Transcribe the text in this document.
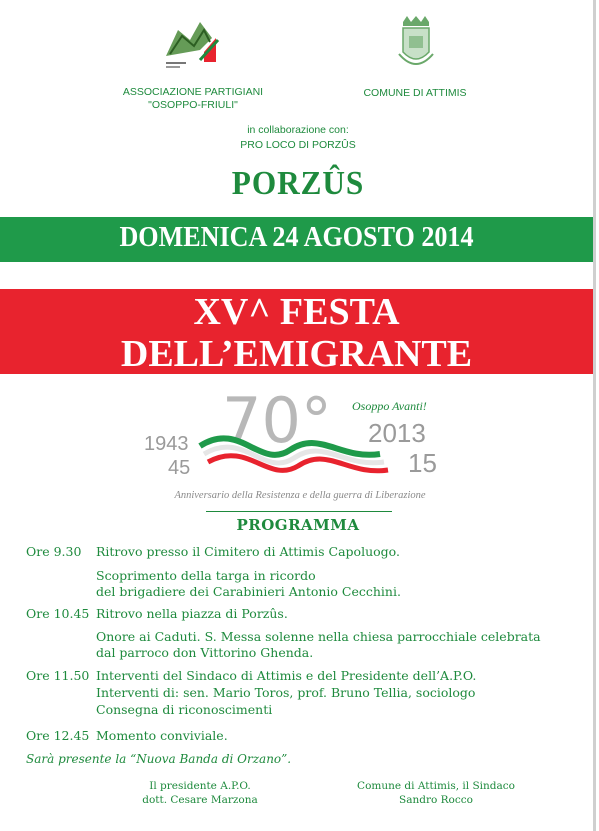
ASSOCIAZIONE PARTIGIANI
"OSOPPO-FRIULI"
COMUNE DI ATTIMIS
in collaborazione con:
PRO LOCO DI PORZÛS
PORZÛS
DOMENICA 24 AGOSTO 2014
XV^ FESTA
DELL’EMIGRANTE
70° Osoppo Avanti!
1943
45
2013
15
Anniversario della Resistenza e della guerra di Liberazione
PROGRAMMA
Ore 9.30	Ritrovo presso il Cimitero di Attimis Capoluogo.
Scoprimento della targa in ricordo
del brigadiere dei Carabinieri Antonio Cecchini.
Ore 10.45 Ritrovo nella piazza di Porzûs.
Onore ai Caduti. S. Messa solenne nella chiesa parrocchiale celebrata
dal parroco don Vittorino Ghenda.
Ore 11.50 Interventi del Sindaco di Attimis e del Presidente dell’A.P.O.
Interventi di: sen. Mario Toros, prof. Bruno Tellia, sociologo
Consegna di riconoscimenti
Ore 12.45 Momento conviviale.
Sarà presente la “Nuova Banda di Orzano”.
Il presidente A.P.O.
dott. Cesare Marzona
Comune di Attimis, il Sindaco
Sandro Rocco
